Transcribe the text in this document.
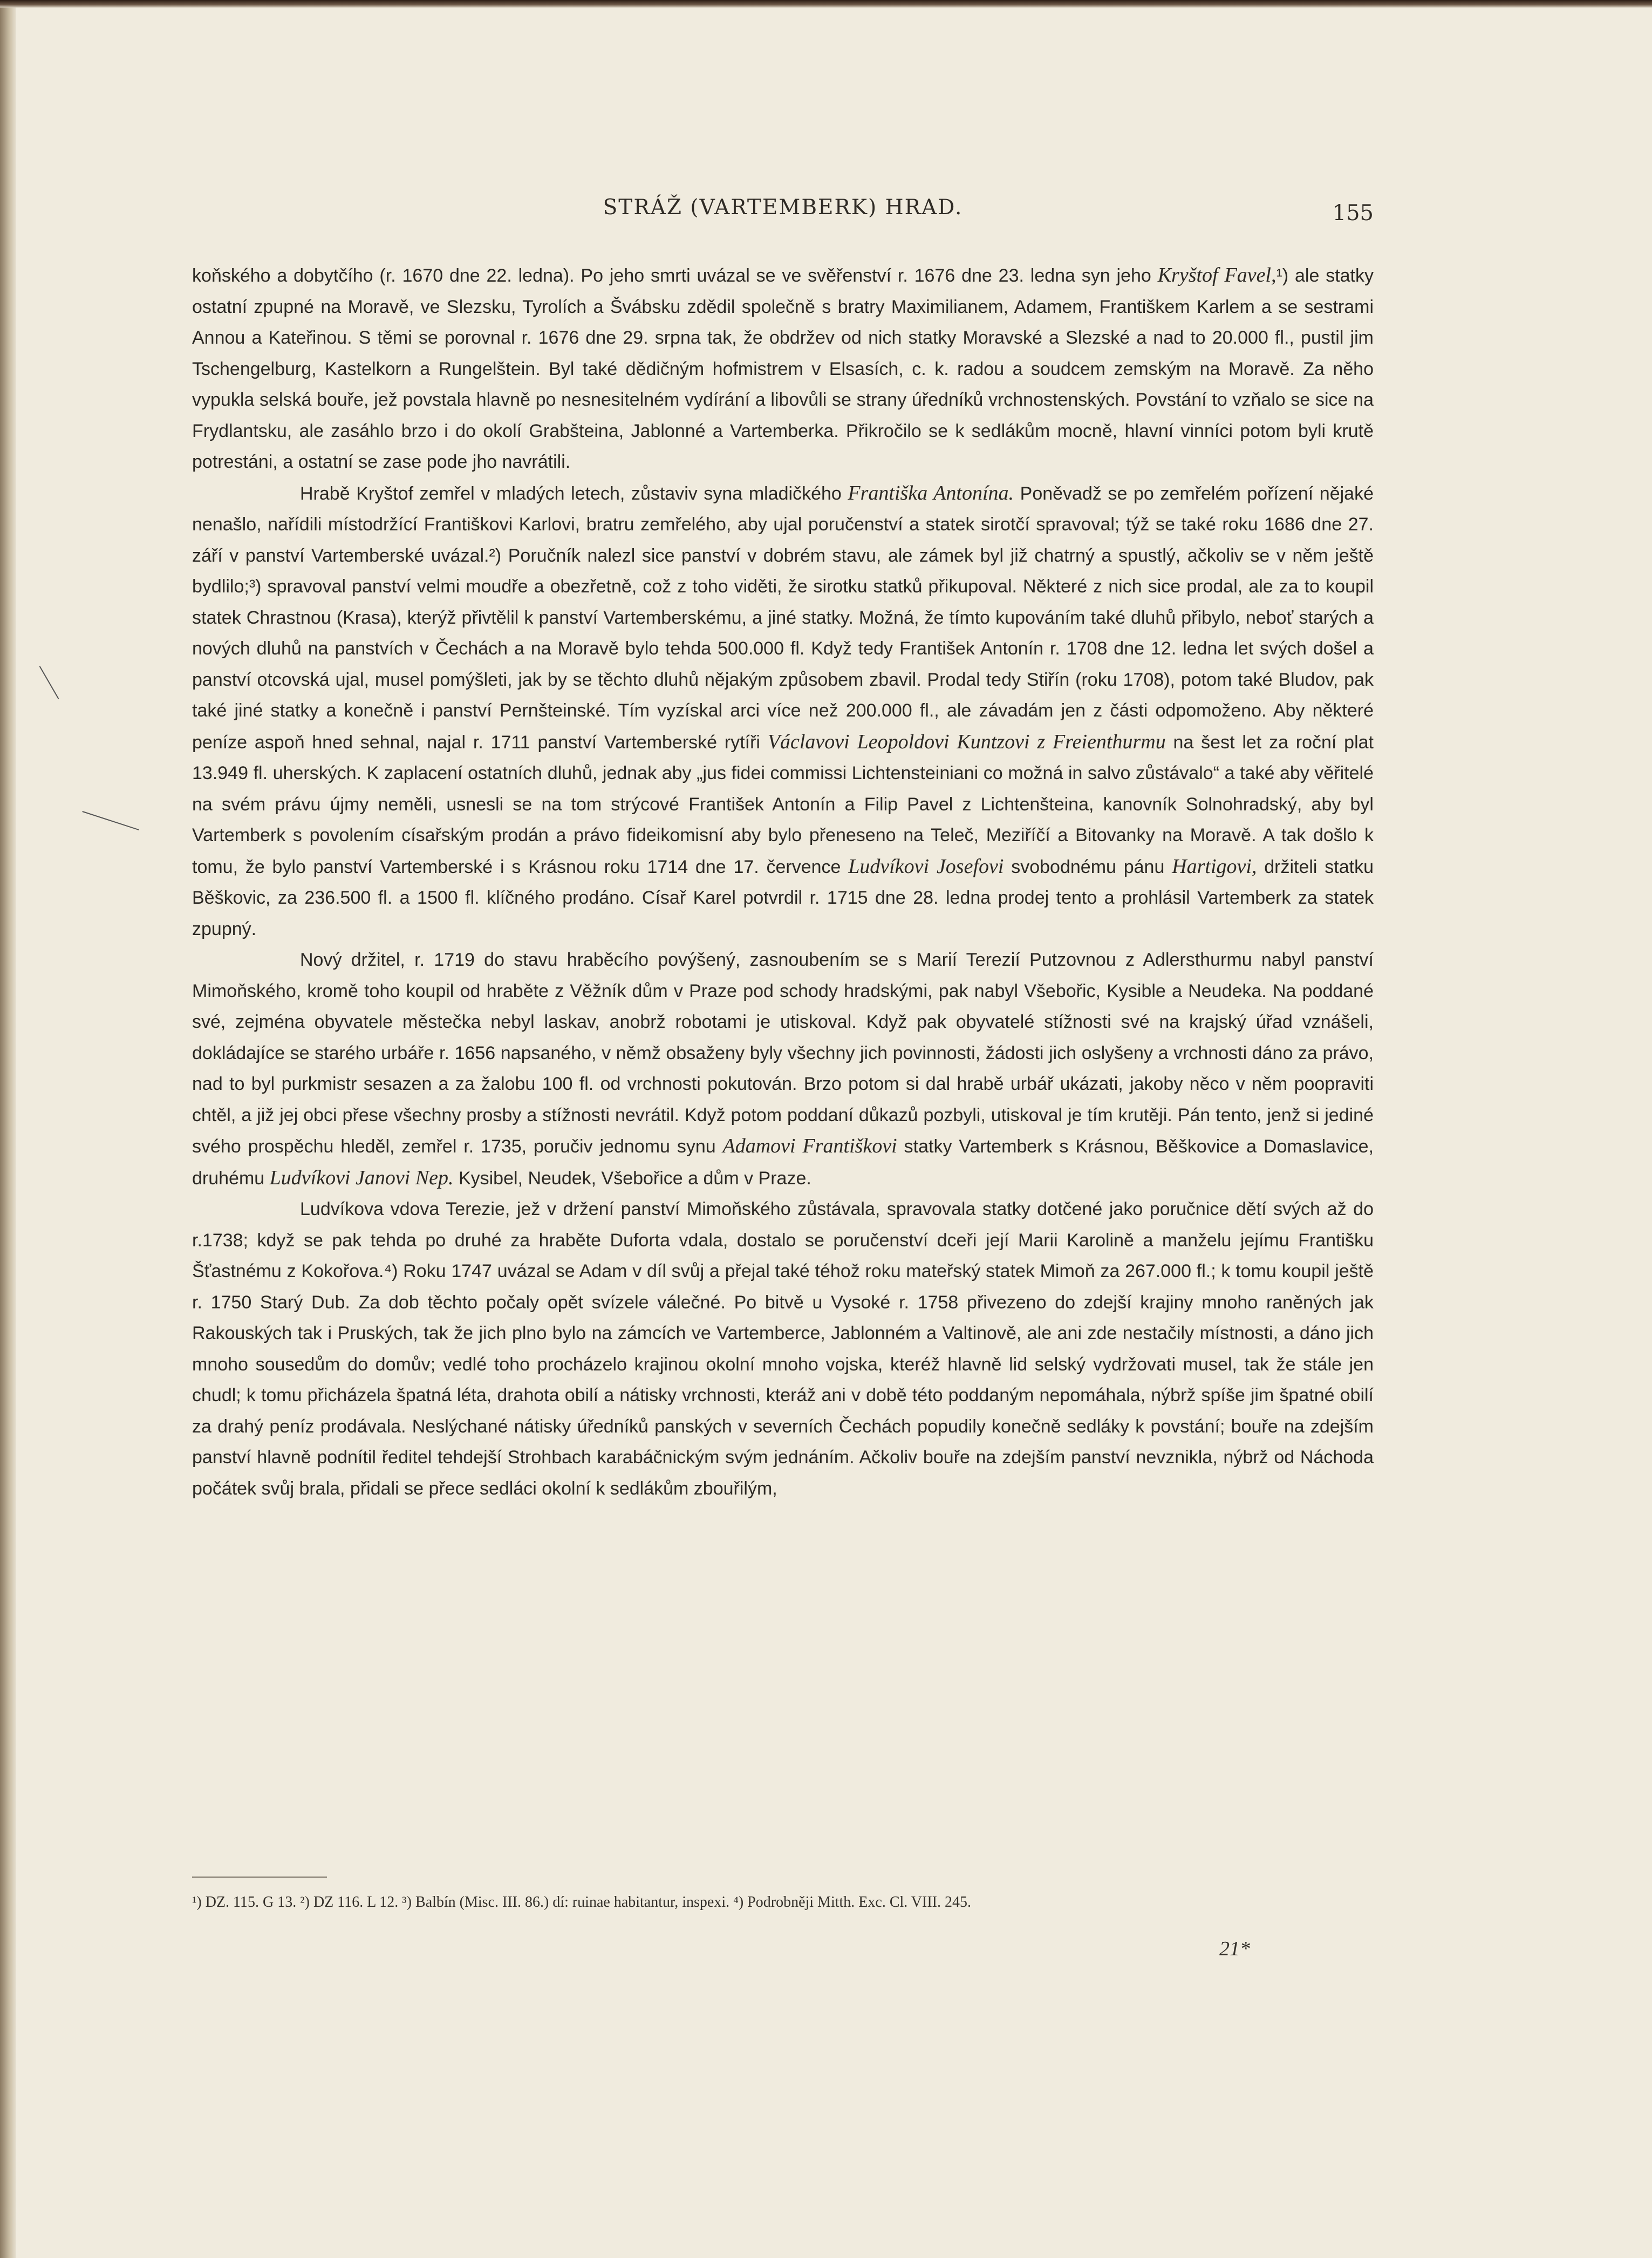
STRÁŽ (VARTEMBERK) HRAD.	155

koňského a dobytčího (r. 1670 dne 22. ledna). Po jeho smrti uvázal se ve svěřenství r. 1676 dne 23. ledna syn jeho Kryštof Favel,¹) ale statky ostatní zpupné na Moravě, ve Slezsku, Tyrolích a Švábsku zdědil společně s bratry Maximilianem, Adamem, Františkem Karlem a se sestrami Annou a Kateřinou. S těmi se porovnal r. 1676 dne 29. srpna tak, že obdržev od nich statky Moravské a Slezské a nad to 20.000 fl., pustil jim Tschengelburg, Kastelkorn a Rungelštein. Byl také dědičným hofmistrem v Elsasích, c. k. radou a soudcem zemským na Moravě. Za něho vypukla selská bouře, jež povstala hlavně po nesnesitelném vydírání a libovůli se strany úředníků vrchnostenských. Povstání to vzňalo se sice na Frydlantsku, ale zasáhlo brzo i do okolí Grabšteina, Jablonné a Vartemberka. Přikročilo se k sedlákům mocně, hlavní vinníci potom byli krutě potrestáni, a ostatní se zase pode jho navrátili.

Hrabě Kryštof zemřel v mladých letech, zůstaviv syna mladičkého Františka Antonína. Poněvadž se po zemřelém pořízení nějaké nenašlo, nařídili místodržící Františkovi Karlovi, bratru zemřelého, aby ujal poručenství a statek sirotčí spravoval; týž se také roku 1686 dne 27. září v panství Vartemberské uvázal.²) Poručník nalezl sice panství v dobrém stavu, ale zámek byl již chatrný a spustlý, ačkoliv se v něm ještě bydlilo;³) spravoval panství velmi moudře a obezřetně, což z toho viděti, že sirotku statků přikupoval. Některé z nich sice prodal, ale za to koupil statek Chrastnou (Krasa), kterýž přivtělil k panství Vartemberskému, a jiné statky. Možná, že tímto kupováním také dluhů přibylo, neboť starých a nových dluhů na panstvích v Čechách a na Moravě bylo tehda 500.000 fl. Když tedy František Antonín r. 1708 dne 12. ledna let svých došel a panství otcovská ujal, musel pomýšleti, jak by se těchto dluhů nějakým způsobem zbavil. Prodal tedy Stiřín (roku 1708), potom také Bludov, pak také jiné statky a konečně i panství Pernšteinské. Tím vyzískal arci více než 200.000 fl., ale závadám jen z části odpomoženo. Aby některé peníze aspoň hned sehnal, najal r. 1711 panství Vartemberské rytíři Václavovi Leopoldovi Kuntzovi z Freienthurmu na šest let za roční plat 13.949 fl. uherských. K zaplacení ostatních dluhů, jednak aby „jus fidei commissi Lichtensteiniani co možná in salvo zůstávalo“ a také aby věřitelé na svém právu újmy neměli, usnesli se na tom strýcové František Antonín a Filip Pavel z Lichtenšteina, kanovník Solnohradský, aby byl Vartemberk s povolením císařským prodán a právo fideikomisní aby bylo přeneseno na Teleč, Meziříčí a Bitovanky na Moravě. A tak došlo k tomu, že bylo panství Vartemberské i s Krásnou roku 1714 dne 17. července Ludvíkovi Josefovi svobodnému pánu Hartigovi, držiteli statku Běškovic, za 236.500 fl. a 1500 fl. klíčného prodáno. Císař Karel potvrdil r. 1715 dne 28. ledna prodej tento a prohlásil Vartemberk za statek zpupný.

Nový držitel, r. 1719 do stavu hraběcího povýšený, zasnoubením se s Marií Terezií Putzovnou z Adlersthurmu nabyl panství Mimoňského, kromě toho koupil od hraběte z Věžník dům v Praze pod schody hradskými, pak nabyl Všebořic, Kysible a Neudeka. Na poddané své, zejména obyvatele městečka nebyl laskav, anobrž robotami je utiskoval. Když pak obyvatelé stížnosti své na krajský úřad vznášeli, dokládajíce se starého urbáře r. 1656 napsaného, v němž obsaženy byly všechny jich povinnosti, žádosti jich oslyšeny a vrchnosti dáno za právo, nad to byl purkmistr sesazen a za žalobu 100 fl. od vrchnosti pokutován. Brzo potom si dal hrabě urbář ukázati, jakoby něco v něm poopraviti chtěl, a již jej obci přese všechny prosby a stížnosti nevrátil. Když potom poddaní důkazů pozbyli, utiskoval je tím krutěji. Pán tento, jenž si jediné svého prospěchu hleděl, zemřel r. 1735, poručiv jednomu synu Adamovi Františkovi statky Vartemberk s Krásnou, Běškovice a Domaslavice, druhému Ludvíkovi Janovi Nep. Kysibel, Neudek, Všebořice a dům v Praze.

Ludvíkova vdova Terezie, jež v držení panství Mimoňského zůstávala, spravovala statky dotčené jako poručnice dětí svých až do r.1738; když se pak tehda po druhé za hraběte Duforta vdala, dostalo se poručenství dceři její Marii Karolině a manželu jejímu Františku Šťastnému z Kokořova.⁴) Roku 1747 uvázal se Adam v díl svůj a přejal také téhož roku mateřský statek Mimoň za 267.000 fl.; k tomu koupil ještě r. 1750 Starý Dub. Za dob těchto počaly opět svízele válečné. Po bitvě u Vysoké r. 1758 přivezeno do zdejší krajiny mnoho raněných jak Rakouských tak i Pruských, tak že jich plno bylo na zámcích ve Vartemberce, Jablonném a Valtinově, ale ani zde nestačily místnosti, a dáno jich mnoho sousedům do domův; vedlé toho procházelo krajinou okolní mnoho vojska, kteréž hlavně lid selský vydržovati musel, tak že stále jen chudl; k tomu přicházela špatná léta, drahota obilí a nátisky vrchnosti, kteráž ani v době této poddaným nepomáhala, nýbrž spíše jim špatné obilí za drahý peníz prodávala. Neslýchané nátisky úředníků panských v severních Čechách popudily konečně sedláky k povstání; bouře na zdejším panství hlavně podnítil ředitel tehdejší Strohbach karabáčnickým svým jednáním. Ačkoliv bouře na zdejším panství nevznikla, nýbrž od Náchoda počátek svůj brala, přidali se přece sedláci okolní k sedlákům zbouřilým,

¹) DZ. 115. G 13. ²) DZ 116. L 12. ³) Balbín (Misc. III. 86.) dí: ruinae habitantur, inspexi. ⁴) Podrobněji Mitth. Exc. Cl. VIII. 245.
21*
